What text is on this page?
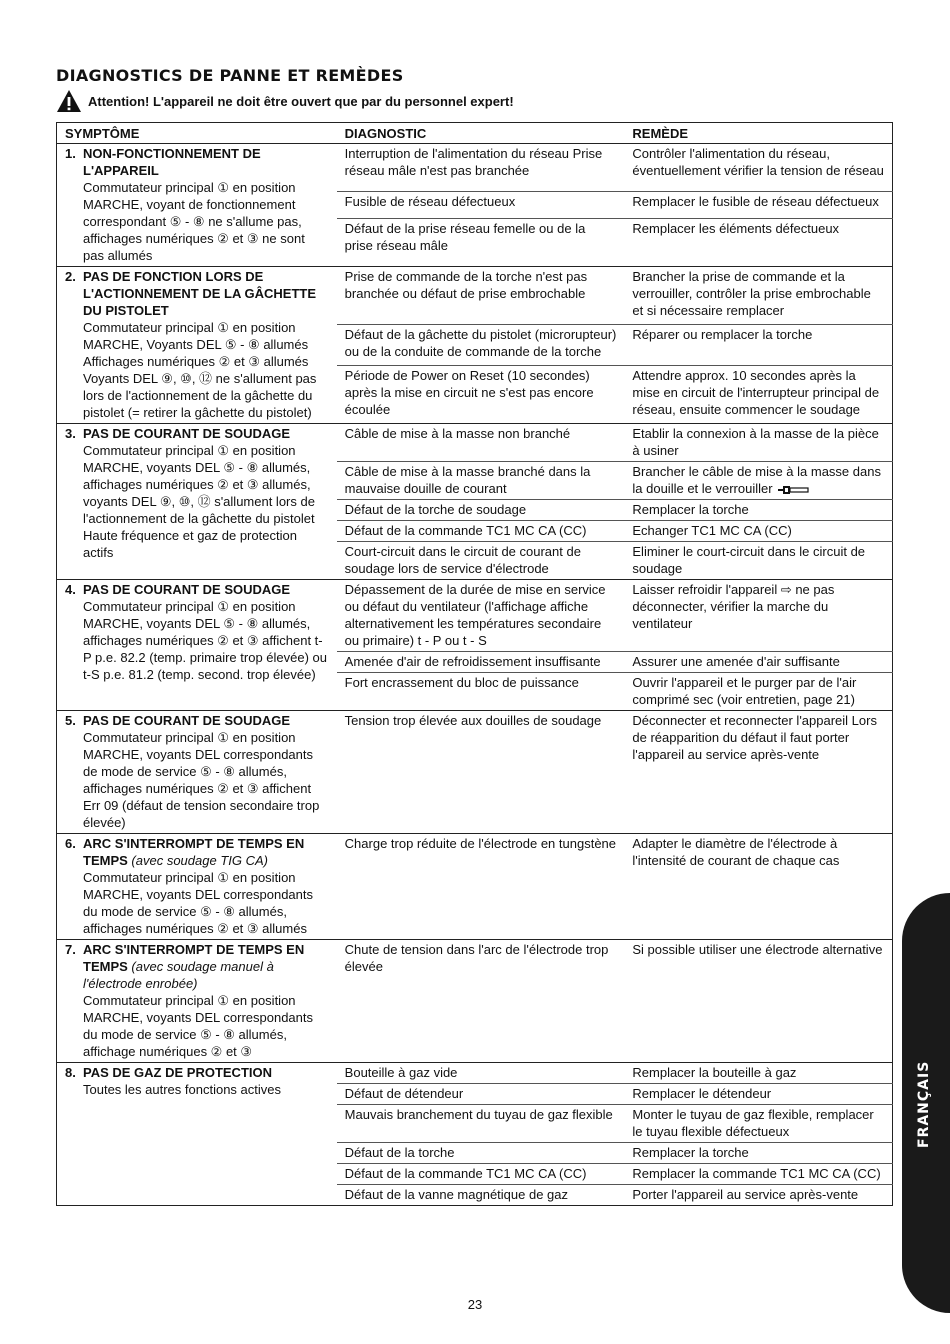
DIAGNOSTICS DE PANNE ET REMÈDES
Attention! L'appareil ne doit être ouvert que par du personnel expert!
SYMPTÔME	DIAGNOSTIC	REMÈDE

1. NON-FONCTIONNEMENT DE L'APPAREIL
Commutateur principal ① en position MARCHE, voyant de fonctionnement correspondant ⑤ - ⑧ ne s'allume pas, affichages numériques ② et ③ ne sont pas allumés	Interruption de l'alimentation du réseau Prise réseau mâle n'est pas branchée	Contrôler l'alimentation du réseau, éventuellement vérifier la tension de réseau
	Fusible de réseau défectueux	Remplacer le fusible de réseau défectueux
	Défaut de la prise réseau femelle ou de la prise réseau mâle	Remplacer les éléments défectueux

2. PAS DE FONCTION LORS DE L'ACTIONNEMENT DE LA GÂCHETTE DU PISTOLET
Commutateur principal ① en position MARCHE, Voyants DEL ⑤ - ⑧ allumés Affichages numériques ② et ③ allumés Voyants DEL ⑨, ⑩, ⑫ ne s'allument pas lors de l'actionnement de la gâchette du pistolet (= retirer la gâchette du pistolet)	Prise de commande de la torche n'est pas branchée ou défaut de prise embrochable	Brancher la prise de commande et la verrouiller, contrôler la prise embrochable et si nécessaire remplacer
	Défaut de la gâchette du pistolet (microrupteur) ou de la conduite de commande de la torche	Réparer ou remplacer la torche
	Période de Power on Reset (10 secondes) après la mise en circuit ne s'est pas encore écoulée	Attendre approx. 10 secondes après la mise en circuit de l'interrupteur principal de réseau, ensuite commencer le soudage

3. PAS DE COURANT DE SOUDAGE
Commutateur principal ① en position MARCHE, voyants DEL ⑤ - ⑧ allumés, affichages numériques ② et ③ allumés, voyants DEL ⑨, ⑩, ⑫ s'allument lors de l'actionnement de la gâchette du pistolet Haute fréquence et gaz de protection actifs	Câble de mise à la masse non branché	Etablir la connexion à la masse de la pièce à usiner
	Câble de mise à la masse branché dans la mauvaise douille de courant	Brancher le câble de mise à la masse dans la douille et le verrouiller
	Défaut de la torche de soudage	Remplacer la torche
	Défaut de la commande TC1 MC CA (CC)	Echanger TC1 MC CA (CC)
	Court-circuit dans le circuit de courant de soudage lors de service d'électrode	Eliminer le court-circuit dans le circuit de soudage

4. PAS DE COURANT DE SOUDAGE
Commutateur principal ① en position MARCHE, voyants DEL ⑤ - ⑧ allumés, affichages numériques ② et ③ affichent t-P p.e. 82.2 (temp. primaire trop élevée) ou t-S p.e. 81.2 (temp. second. trop élevée)	Dépassement de la durée de mise en service ou défaut du ventilateur (l'affichage affiche alternativement les températures secondaire ou primaire) t - P ou t - S	Laisser refroidir l'appareil ⇨ ne pas déconnecter, vérifier la marche du ventilateur
	Amenée d'air de refroidissement insuffisante	Assurer une amenée d'air suffisante
	Fort encrassement du bloc de puissance	Ouvrir l'appareil et le purger par de l'air comprimé sec (voir entretien, page 21)

5. PAS DE COURANT DE SOUDAGE
Commutateur principal ① en position MARCHE, voyants DEL correspondants de mode de service ⑤ - ⑧ allumés, affichages numériques ② et ③ affichent Err 09 (défaut de tension secondaire trop élevée)	Tension trop élevée aux douilles de soudage	Déconnecter et reconnecter l'appareil Lors de réapparition du défaut il faut porter l'appareil au service après-vente

6. ARC S'INTERROMPT DE TEMPS EN TEMPS (avec soudage TIG CA)
Commutateur principal ① en position MARCHE, voyants DEL correspondants du mode de service ⑤ - ⑧ allumés, affichages numériques ② et ③ allumés	Charge trop réduite de l'électrode en tungstène	Adapter le diamètre de l'électrode à l'intensité de courant de chaque cas

7. ARC S'INTERROMPT DE TEMPS EN TEMPS (avec soudage manuel à l'électrode enrobée)
Commutateur principal ① en position MARCHE, voyants DEL correspondants du mode de service ⑤ - ⑧ allumés, affichage numériques ② et ③	Chute de tension dans l'arc de l'électrode trop élevée	Si possible utiliser une électrode alternative

8. PAS DE GAZ DE PROTECTION
Toutes les autres fonctions actives	Bouteille à gaz vide	Remplacer la bouteille à gaz
	Défaut de détendeur	Remplacer le détendeur
	Mauvais branchement du tuyau de gaz flexible	Monter le tuyau de gaz flexible, remplacer le tuyau flexible défectueux
	Défaut de la torche	Remplacer la torche
	Défaut de la commande TC1 MC CA (CC)	Remplacer la commande TC1 MC CA (CC)
	Défaut de la vanne magnétique de gaz	Porter l'appareil au service après-vente
FRANÇAIS
23
